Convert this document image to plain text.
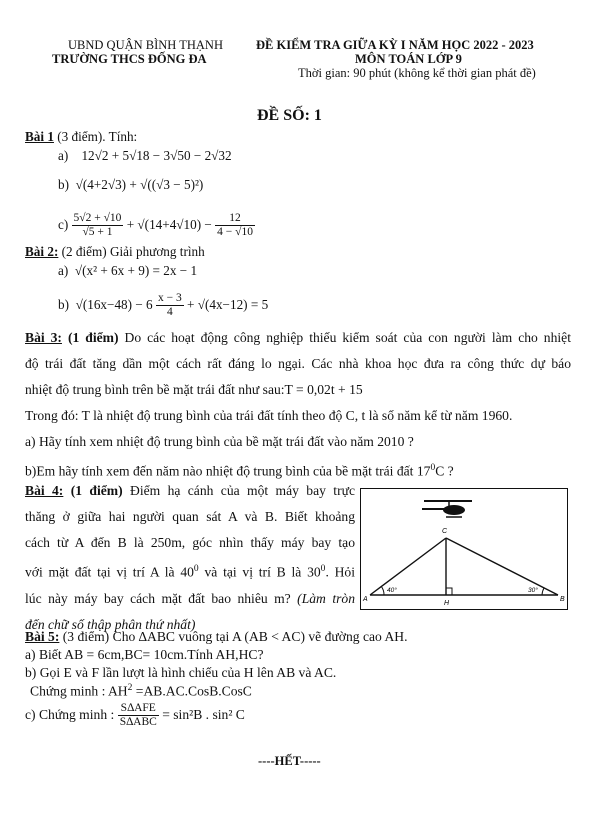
UBND QUẬN BÌNH THẠNH
TRƯỜNG THCS ĐỐNG ĐA
ĐỀ KIỂM TRA GIỮA KỲ I NĂM HỌC 2022 - 2023
MÔN TOÁN LỚP 9
Thời gian: 90 phút (không kể thời gian phát đề)
ĐỀ SỐ: 1
Bài 1 (3 điểm). Tính:
a) 12√2 + 5√18 − 3√50 − 2√32
b) √(4+2√3) + √((√3 − 5)²)
$c) \frac{5√2 + √10}{√5 + 1} + √(14+4√10) - \frac{12}{4 - √10}$
Bài 2: (2 điểm) Giải phương trình
a) √(x² + 6x + 9) = 2x − 1
b) $√(16x-48) - 6 \frac{x - 3}{4} + √(4x-12) = 5$
Bài 3: (1 điểm) Do các hoạt động công nghiệp thiếu kiểm soát của con người làm cho nhiệt
độ trái đất tăng dần một cách rất đáng lo ngại. Các nhà khoa học đưa ra công thức dự báo
nhiệt độ trung bình trên bề mặt trái đất như sau:T = 0,02t + 15
Trong đó: T là nhiệt độ trung bình của trái đất tính theo độ C, t là số năm kể từ năm 1960.
a) Hãy tính xem nhiệt độ trung bình của bề mặt trái đất vào năm 2010 ?
b)Em hãy tính xem đến năm nào nhiệt độ trung bình của bề mặt trái đất $17^0C$ ?
Bài 4: (1 điểm) Điểm hạ cánh của một máy bay trực
thăng ở giữa hai người quan sát A và B. Biết khoảng
cách từ A đến B là 250m, góc nhìn thấy máy bay tạo
với mặt đất tại vị trí A là $40^0$ và tại vị trí B là $30^0$. Hỏi
lúc này máy bay cách mặt đất bao nhiêu m? (Làm tròn
đến chữ số thập phân thứ nhất)
A	B
C
H
40°	30°
Bài 5: (3 điểm) Cho ∆ABC vuông tại A (AB < AC) vẽ đường cao AH.
a) Biết AB = 6cm,BC= 10cm.Tính AH,HC?
b) Gọi E và F lần lượt là hình chiếu của H lên AB và AC.
Chứng minh : $AH^2$ =AB.AC.CosB.CosC
c) Chứng minh : $\frac{\text{S∆AFE}}{\text{S∆ABC}} = \sin^2B$ . sin² C
----HẾT-----
